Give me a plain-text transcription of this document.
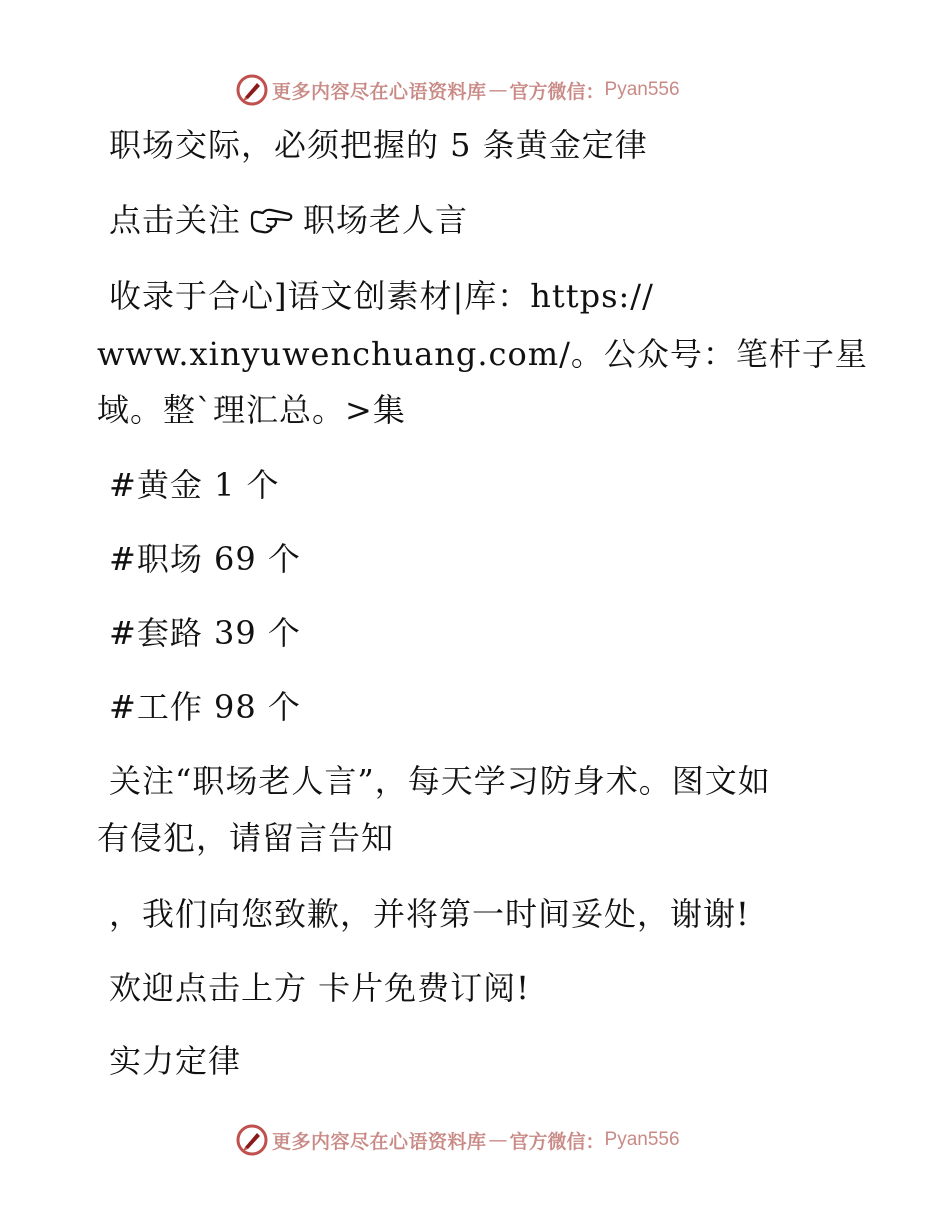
更多内容尽在心语资料库 — 官方微信： Pyan556
职场交际，必须把握的 5 条黄金定律
点击关注 职场老人言
收录于合心]语文创素材|库：https://
www.xinyuwenchuang.com/。公众号：笔杆子星
域。整ˋ理汇总。>集
#黄金 1 个
#职场 69 个
#套路 39 个
#工作 98 个
关注“职场老人言”，每天学习防身术。图文如
有侵犯，请留言告知
，我们向您致歉，并将第一时间妥处，谢谢!
欢迎点击上方 卡片免费订阅!
实力定律
更多内容尽在心语资料库 — 官方微信： Pyan556
